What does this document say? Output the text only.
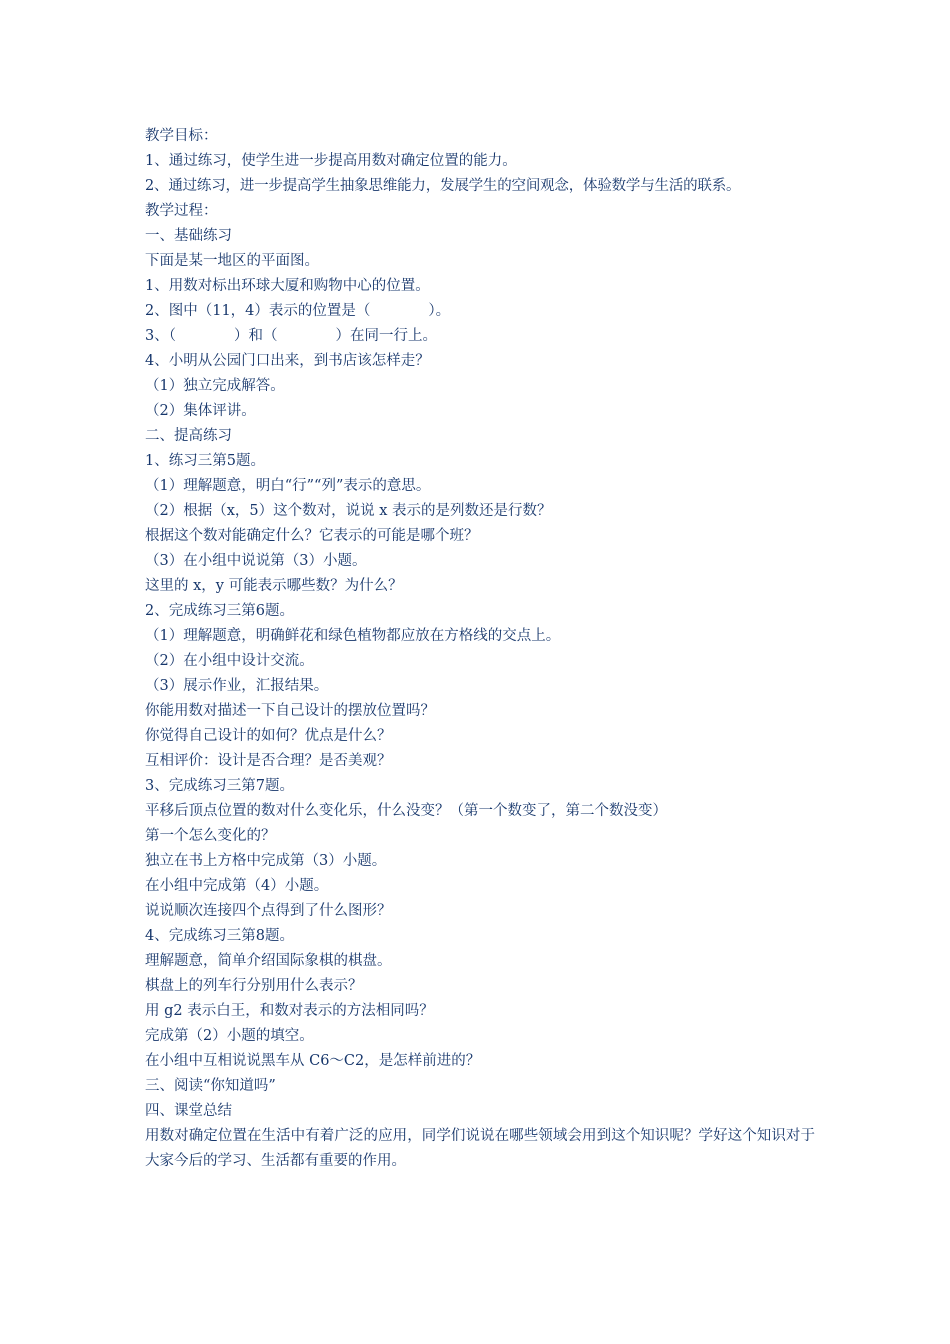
教学目标：

1、通过练习，使学生进一步提高用数对确定位置的能力。

2、通过练习，进一步提高学生抽象思维能力，发展学生的空间观念，体验数学与生活的联系。

教学过程：

一、基础练习

下面是某一地区的平面图。

1、用数对标出环球大厦和购物中心的位置。

2、图中（11，4）表示的位置是（　　　　）。

3、（　　　　）和（　　　　）在同一行上。

4、小明从公园门口出来，到书店该怎样走？

（1）独立完成解答。

（2）集体评讲。

二、提高练习

1、练习三第5题。

（1）理解题意，明白“行”“列”表示的意思。

（2）根据（x，5）这个数对，说说 x 表示的是列数还是行数？

根据这个数对能确定什么？它表示的可能是哪个班？

（3）在小组中说说第（3）小题。

这里的 x，y 可能表示哪些数？为什么？

2、完成练习三第6题。

（1）理解题意，明确鲜花和绿色植物都应放在方格线的交点上。

（2）在小组中设计交流。

（3）展示作业，汇报结果。

你能用数对描述一下自己设计的摆放位置吗？

你觉得自己设计的如何？优点是什么？

互相评价：设计是否合理？是否美观？

3、完成练习三第7题。

平移后顶点位置的数对什么变化乐，什么没变？（第一个数变了，第二个数没变）

第一个怎么变化的？

独立在书上方格中完成第（3）小题。

在小组中完成第（4）小题。

说说顺次连接四个点得到了什么图形？

4、完成练习三第8题。

理解题意，简单介绍国际象棋的棋盘。

棋盘上的列车行分别用什么表示？

用 g2 表示白王，和数对表示的方法相同吗？

完成第（2）小题的填空。

在小组中互相说说黑车从 C6～C2，是怎样前进的？

三、阅读“你知道吗”

四、课堂总结

用数对确定位置在生活中有着广泛的应用，同学们说说在哪些领域会用到这个知识呢？学好这个知识对于大家今后的学习、生活都有重要的作用。
